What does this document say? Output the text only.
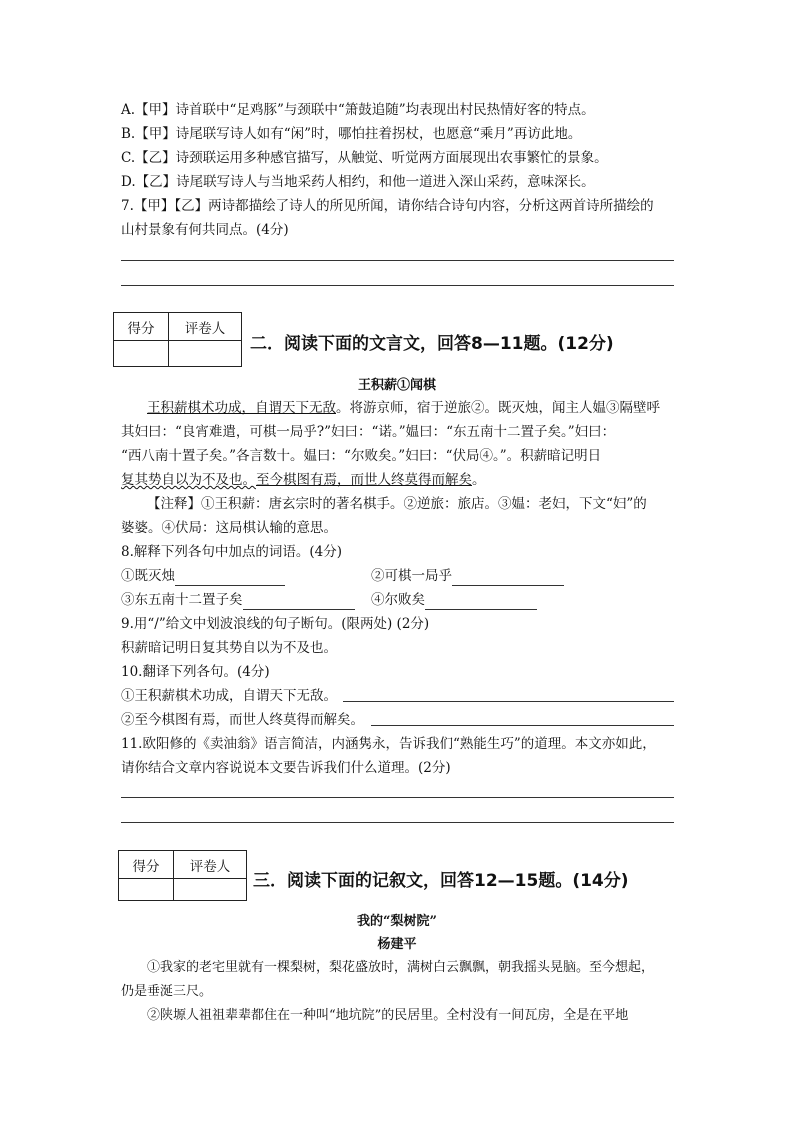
A.【甲】诗首联中“足鸡豚”与颈联中“箫鼓追随”均表现出村民热情好客的特点。
B.【甲】诗尾联写诗人如有“闲”时，哪怕拄着拐杖，也愿意“乘月”再访此地。
C.【乙】诗颈联运用多种感官描写，从触觉、听觉两方面展现出农事繁忙的景象。
D.【乙】诗尾联写诗人与当地采药人相约，和他一道进入深山采药，意味深长。
7.【甲】【乙】两诗都描绘了诗人的所见所闻，请你结合诗句内容，分析这两首诗所描绘的
山村景象有何共同点。(4分)
得分	评卷人

二．阅读下面的文言文，回答8—11题。(12分)
王积薪①闻棋
王积薪棋术功成，自谓天下无敌。将游京师，宿于逆旅②。既灭烛，闻主人媪③隔壁呼
其妇曰：“良宵难遣，可棋一局乎?”妇曰：“诺。”媪曰：“东五南十二置子矣。”妇曰：
“西八南十置子矣。”各言数十。媪曰：“尔败矣。”妇曰：“伏局④。”。积薪暗记明日
复其势自以为不及也。至今棋图有焉，而世人终莫得而解矣。
【注释】①王积薪：唐玄宗时的著名棋手。②逆旅：旅店。③媪：老妇，下文“妇”的
婆婆。④伏局：这局棋认输的意思。
8.解释下列各句中加点的词语。(4分)
①既灭烛	②可棋一局乎
③东五南十二置子矣	④尔败矣
9.用“/”给文中划波浪线的句子断句。(限两处) (2分)
积薪暗记明日复其势自以为不及也。
10.翻译下列各句。(4分)
①王积薪棋术功成，自谓天下无敌。
②至今棋图有焉，而世人终莫得而解矣。
11.欧阳修的《卖油翁》语言简洁，内涵隽永，告诉我们“熟能生巧”的道理。本文亦如此，
请你结合文章内容说说本文要告诉我们什么道理。(2分)
得分	评卷人

三．阅读下面的记叙文，回答12—15题。(14分)
我的“梨树院”
杨建平
①我家的老宅里就有一棵梨树，梨花盛放时，满树白云飘飘，朝我摇头晃脑。至今想起，
仍是垂涎三尺。
②陕塬人祖祖辈辈都住在一种叫“地坑院”的民居里。全村没有一间瓦房，全是在平地
